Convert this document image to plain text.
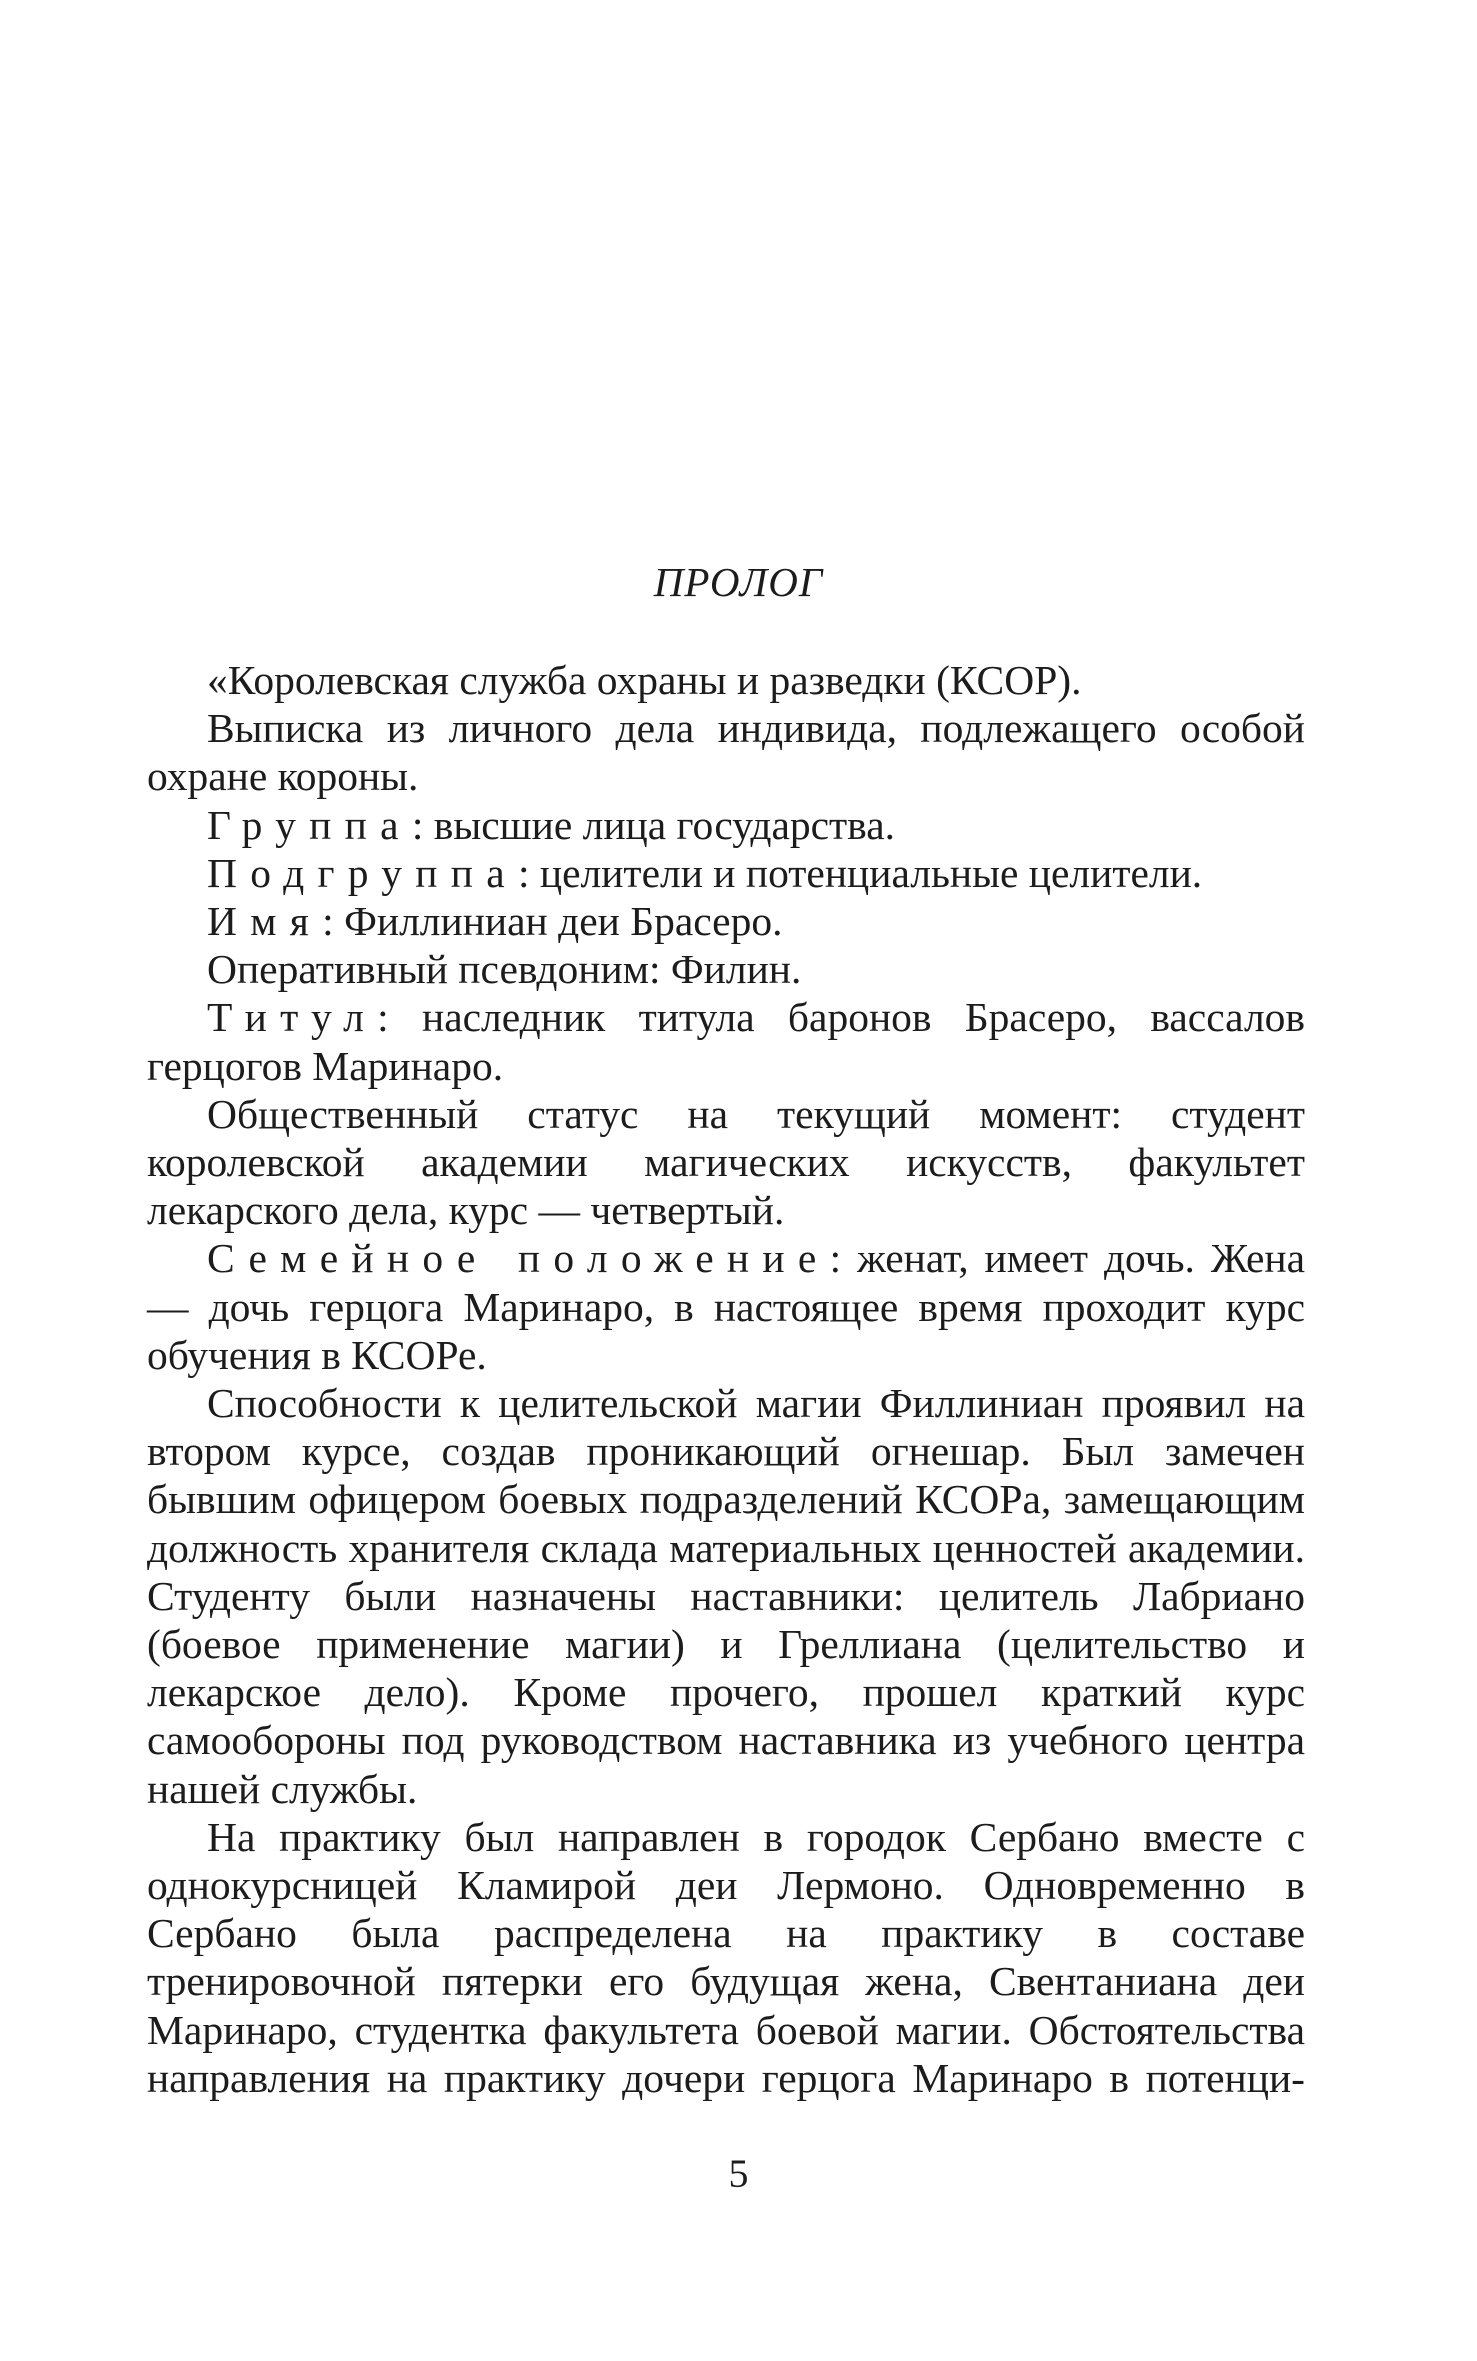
ПРОЛОГ

«Королевская служба охраны и разведки (КСОР).

Выписка из личного дела индивида, подлежащего особой охране короны.

Группа: высшие лица государства.

Подгруппа: целители и потенциальные целители.

Имя: Филлиниан деи Брасеро.

Оперативный псевдоним: Филин.

Титул: наследник титула баронов Брасеро, вассалов герцогов Маринаро.

Общественный статус на текущий момент: студент королевской академии магических искусств, факультет лекарского дела, курс — четвертый.

Семейное положение: женат, имеет дочь. Жена — дочь герцога Маринаро, в настоящее время проходит курс обучения в КСОРе.

Способности к целительской магии Филлиниан проявил на втором курсе, создав проникающий огнешар. Был замечен бывшим офицером боевых подразделений КСОРа, замещающим должность хранителя склада материальных ценностей академии. Студенту были назначены наставники: целитель Лабриано (боевое применение магии) и Греллиана (целительство и лекарское дело). Кроме прочего, прошел краткий курс самообороны под руководством наставника из учебного центра нашей службы.

На практику был направлен в городок Сербано вместе с однокурсницей Кламирой деи Лермоно. Одновременно в Сербано была распределена на практику в составе тренировочной пятерки его будущая жена, Свентаниана деи Маринаро, студентка факультета боевой магии. Обстоятельства направления на практику дочери герцога Маринаро в потенци-

5
